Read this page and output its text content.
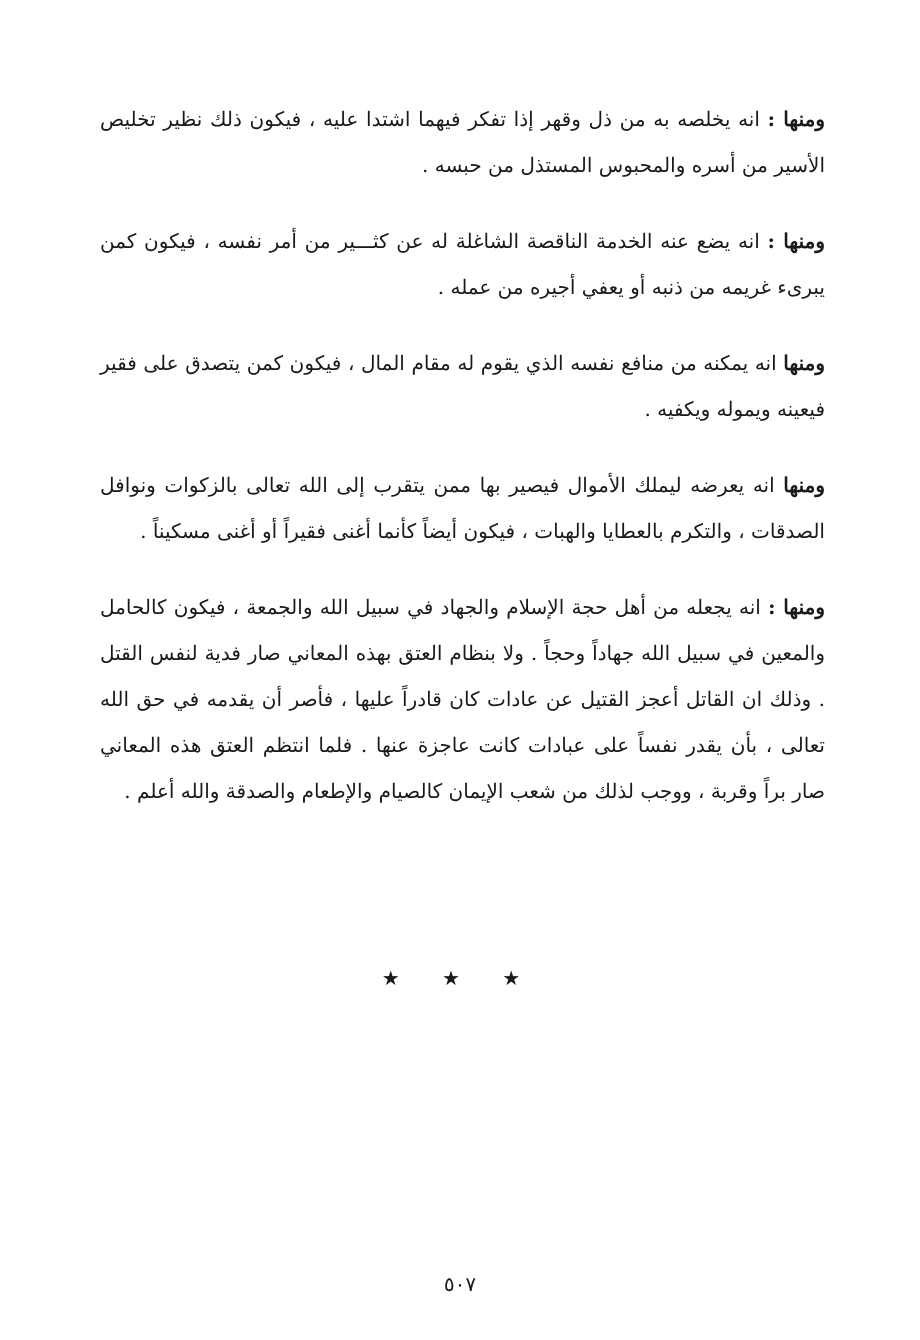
ومنها : انه يخلصه به من ذل وقهر إذا تفكر فيهما اشتدا عليه ، فيكون ذلك نظير تخليص الأسير من أسره والمحبوس المستذل من حبسه .

ومنها : انه يضع عنه الخدمة الناقصة الشاغلة له عن كثـــير من أمر نفسه ، فيكون كمن يبرىء غريمه من ذنبه أو يعفي أجيره من عمله .

ومنها انه يمكنه من منافع نفسه الذي يقوم له مقام المال ، فيكون كمن يتصدق على فقير فيعينه ويموله ويكفيه .

ومنها انه يعرضه ليملك الأموال فيصير بها ممن يتقرب إلى الله تعالى بالزكوات ونوافل الصدقات ، والتكرم بالعطايا والهبات ، فيكون أيضاً كأنما أغنى فقيراً أو أغنى مسكيناً .

ومنها : انه يجعله من أهل حجة الإسلام والجهاد في سبيل الله والجمعة ، فيكون كالحامل والمعين في سبيل الله جهاداً وحجاً . ولا بنظام العتق بهذه المعاني صار فدية لنفس القتل . وذلك ان القاتل أعجز القتيل عن عادات كان قادراً عليها ، فأصر أن يقدمه في حق الله تعالى ، بأن يقدر نفساً على عبادات كانت عاجزة عنها . فلما انتظم العتق هذه المعاني صار براً وقربة ، ووجب لذلك من شعب الإيمان كالصيام والإطعام والصدقة والله أعلم .

★ ★ ★
٥٠٧
